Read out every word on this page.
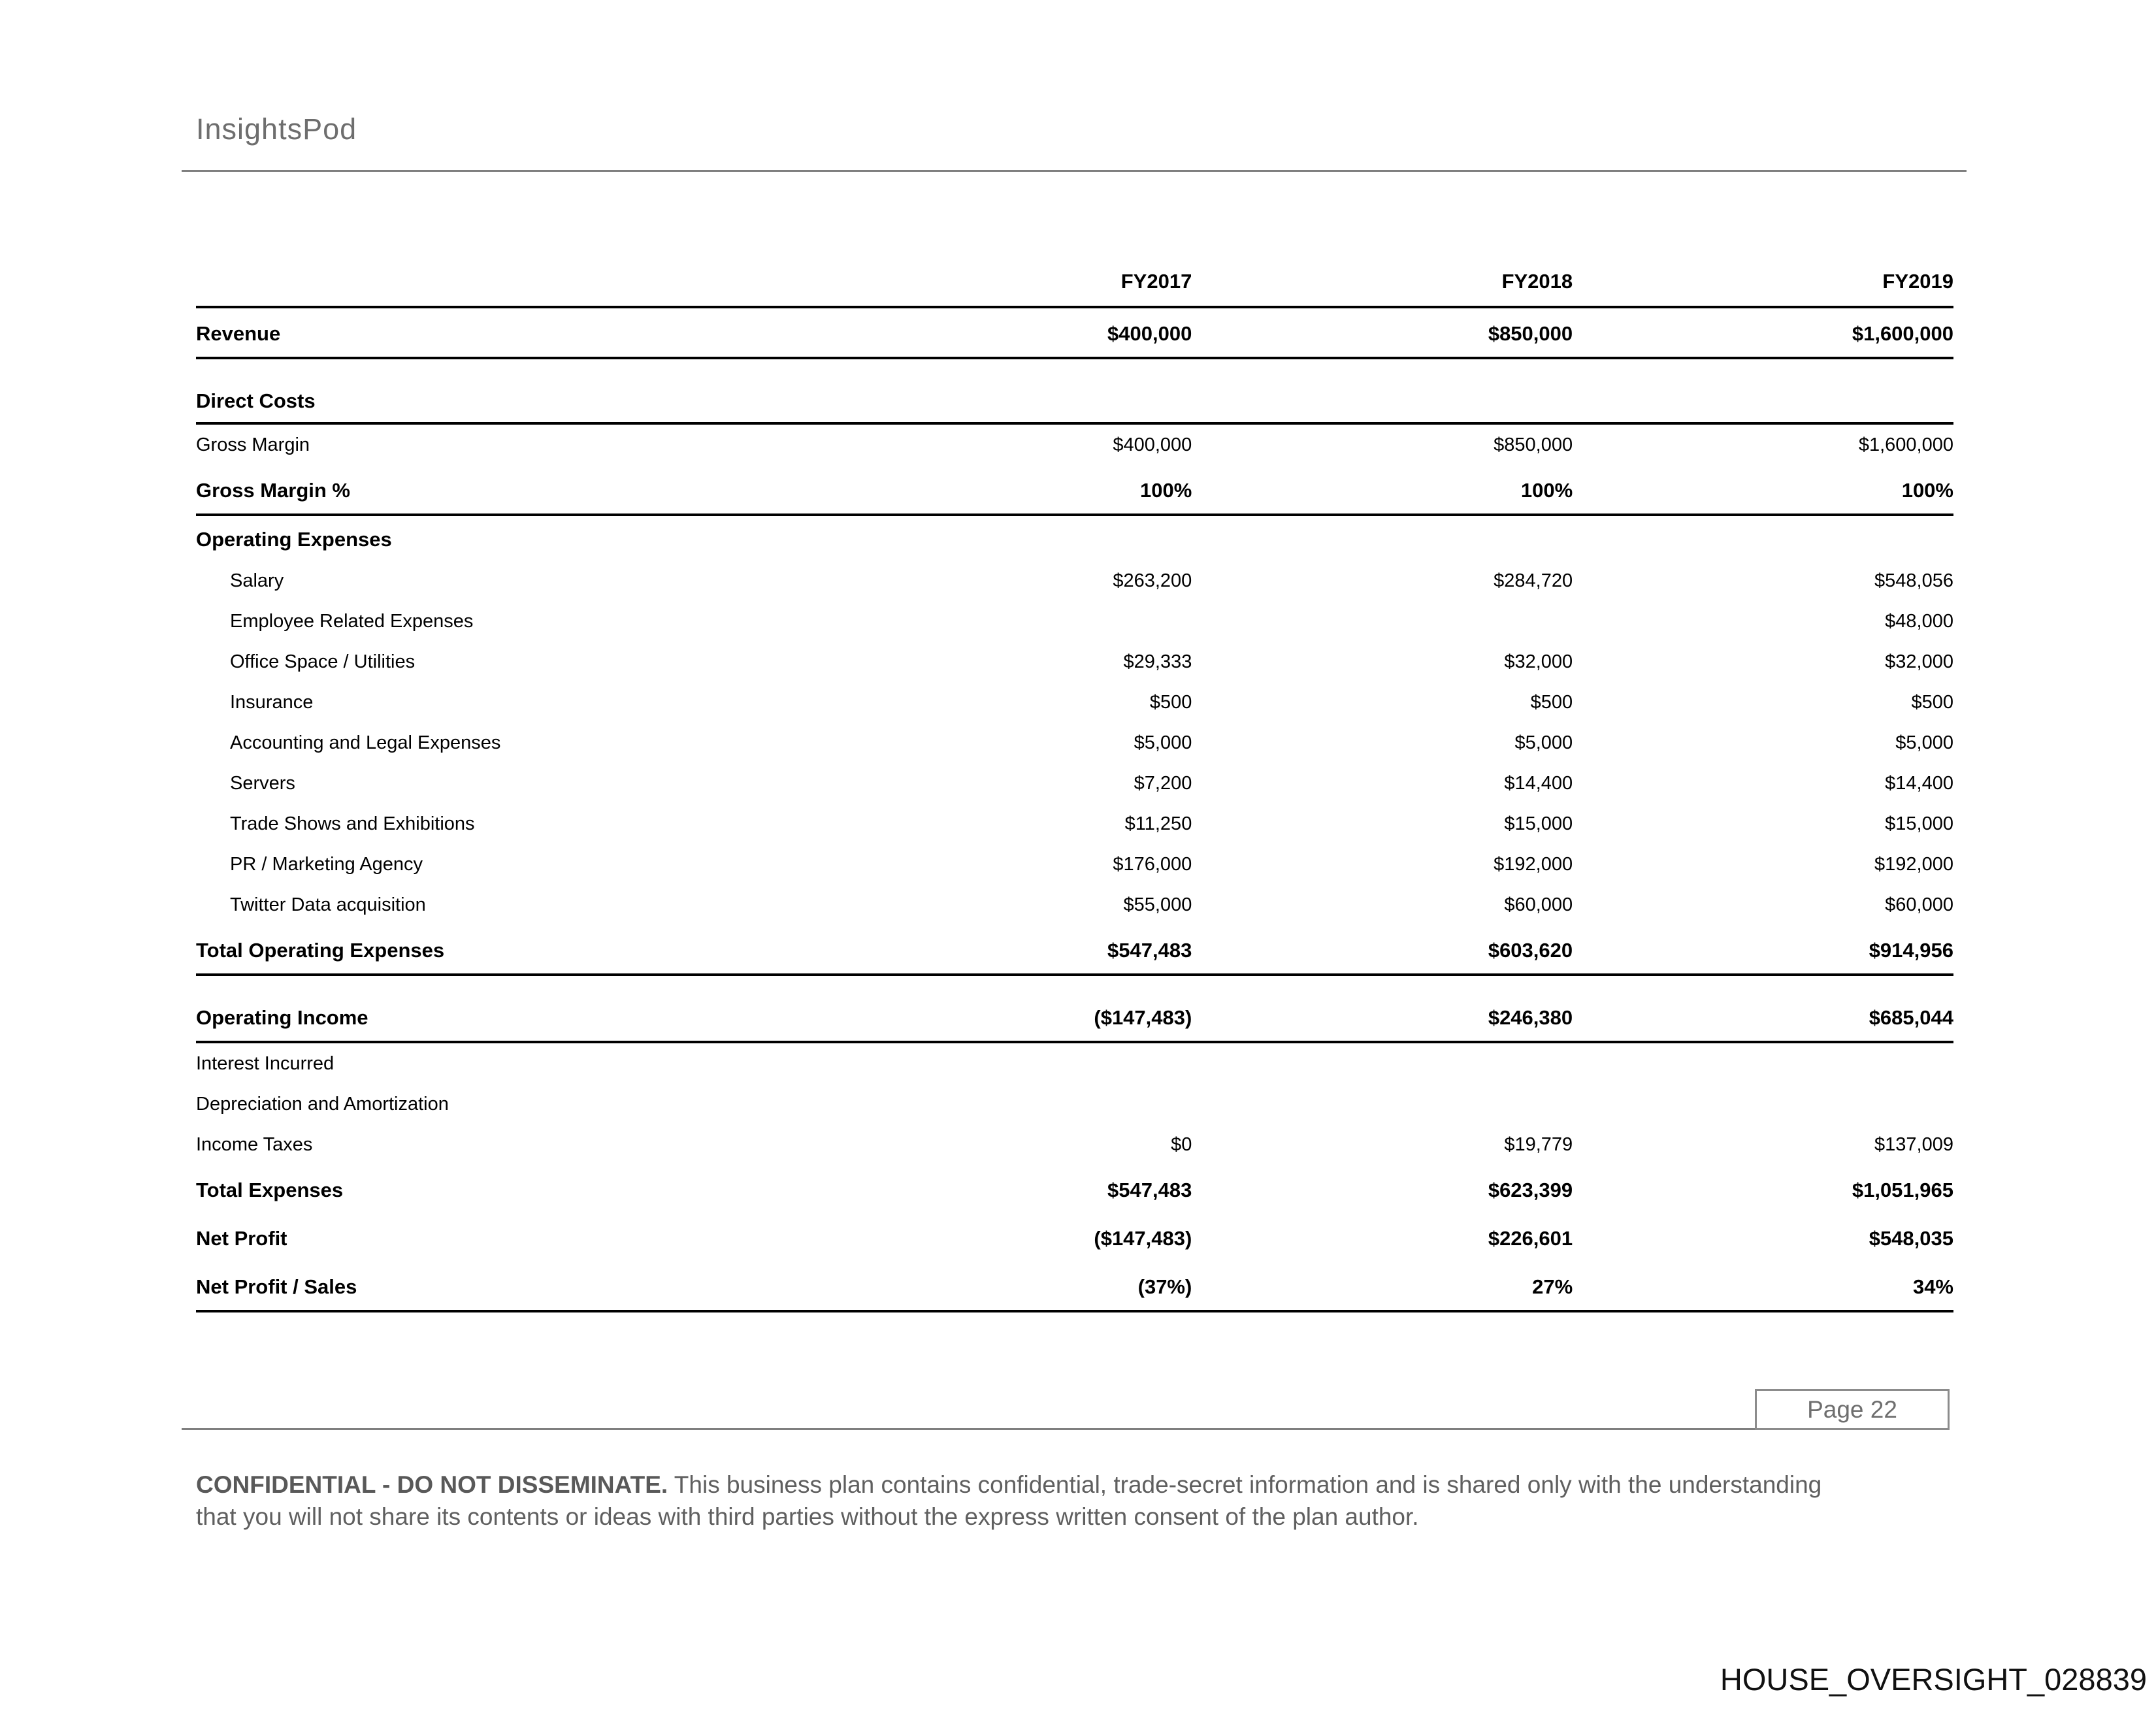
InsightsPod
	FY2017	FY2018	FY2019
Revenue	$400,000	$850,000	$1,600,000
Direct Costs			
Gross Margin	$400,000	$850,000	$1,600,000
Gross Margin %	100%	100%	100%
Operating Expenses			
Salary	$263,200	$284,720	$548,056
Employee Related Expenses			$48,000
Office Space / Utilities	$29,333	$32,000	$32,000
Insurance	$500	$500	$500
Accounting and Legal Expenses	$5,000	$5,000	$5,000
Servers	$7,200	$14,400	$14,400
Trade Shows and Exhibitions	$11,250	$15,000	$15,000
PR / Marketing Agency	$176,000	$192,000	$192,000
Twitter Data acquisition	$55,000	$60,000	$60,000
Total Operating Expenses	$547,483	$603,620	$914,956
Operating Income	($147,483)	$246,380	$685,044
Interest Incurred			
Depreciation and Amortization			
Income Taxes	$0	$19,779	$137,009
Total Expenses	$547,483	$623,399	$1,051,965
Net Profit	($147,483)	$226,601	$548,035
Net Profit / Sales	(37%)	27%	34%
Page 22

CONFIDENTIAL - DO NOT DISSEMINATE. This business plan contains confidential, trade-secret information and is shared only with the understanding that you will not share its contents or ideas with third parties without the express written consent of the plan author.

HOUSE_OVERSIGHT_028839
